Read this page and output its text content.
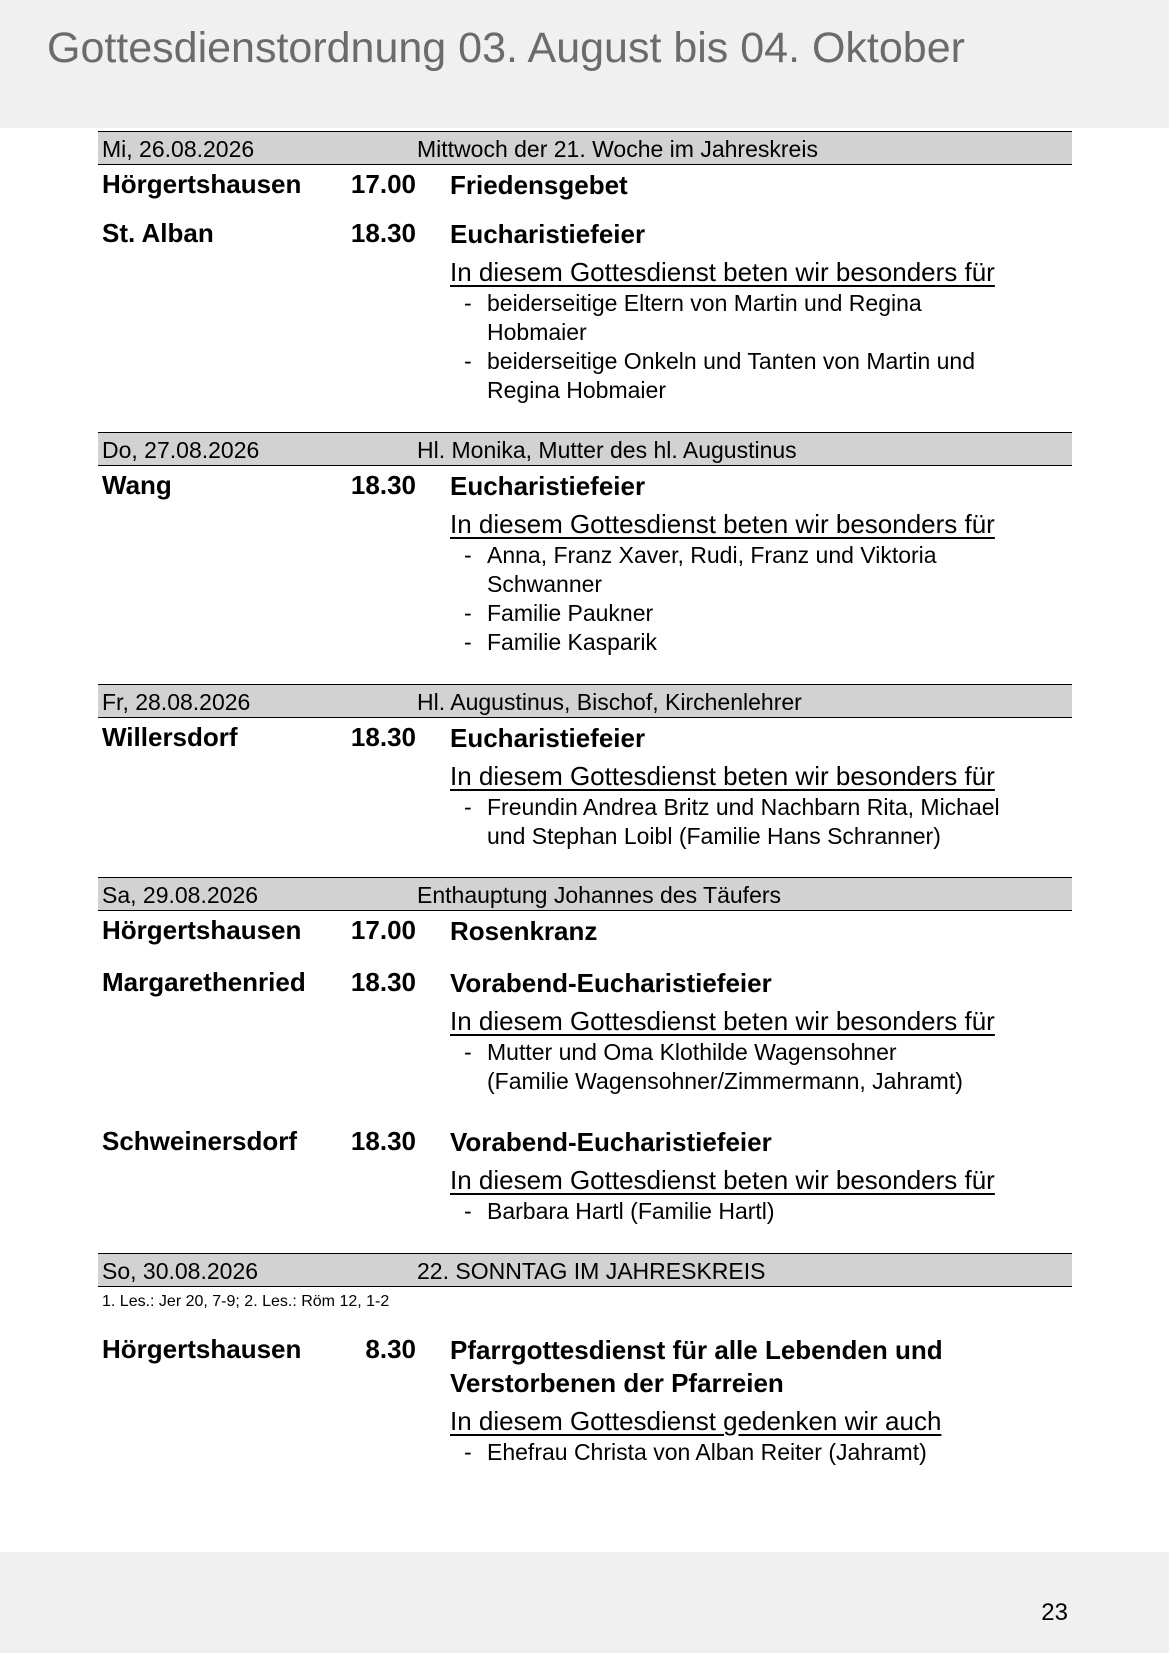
Gottesdienstordnung 03. August bis 04. Oktober
Mi, 26.08.2026	Mittwoch der 21. Woche im Jahreskreis
Hörgertshausen	17.00 Friedensgebet
St. Alban	18.30 Eucharistiefeier
In diesem Gottesdienst beten wir besonders für
- beiderseitige Eltern von Martin und Regina
Hobmaier
- beiderseitige Onkeln und Tanten von Martin und
Regina Hobmaier
Do, 27.08.2026	Hl. Monika, Mutter des hl. Augustinus
Wang	18.30 Eucharistiefeier
In diesem Gottesdienst beten wir besonders für
- Anna, Franz Xaver, Rudi, Franz und Viktoria
Schwanner
- Familie Paukner
- Familie Kasparik
Fr, 28.08.2026	Hl. Augustinus, Bischof, Kirchenlehrer
Willersdorf	18.30 Eucharistiefeier
In diesem Gottesdienst beten wir besonders für
- Freundin Andrea Britz und Nachbarn Rita, Michael
und Stephan Loibl (Familie Hans Schranner)
Sa, 29.08.2026	Enthauptung Johannes des Täufers
Hörgertshausen	17.00 Rosenkranz
Margarethenried	18.30 Vorabend-Eucharistiefeier
In diesem Gottesdienst beten wir besonders für
- Mutter und Oma Klothilde Wagensohner
(Familie Wagensohner/Zimmermann, Jahramt)
Schweinersdorf	18.30 Vorabend-Eucharistiefeier
In diesem Gottesdienst beten wir besonders für
- Barbara Hartl (Familie Hartl)
So, 30.08.2026	22. SONNTAG IM JAHRESKREIS
1. Les.: Jer 20, 7-9; 2. Les.: Röm 12, 1-2
Hörgertshausen	8.30 Pfarrgottesdienst für alle Lebenden und
Verstorbenen der Pfarreien
In diesem Gottesdienst gedenken wir auch
- Ehefrau Christa von Alban Reiter (Jahramt)
23
